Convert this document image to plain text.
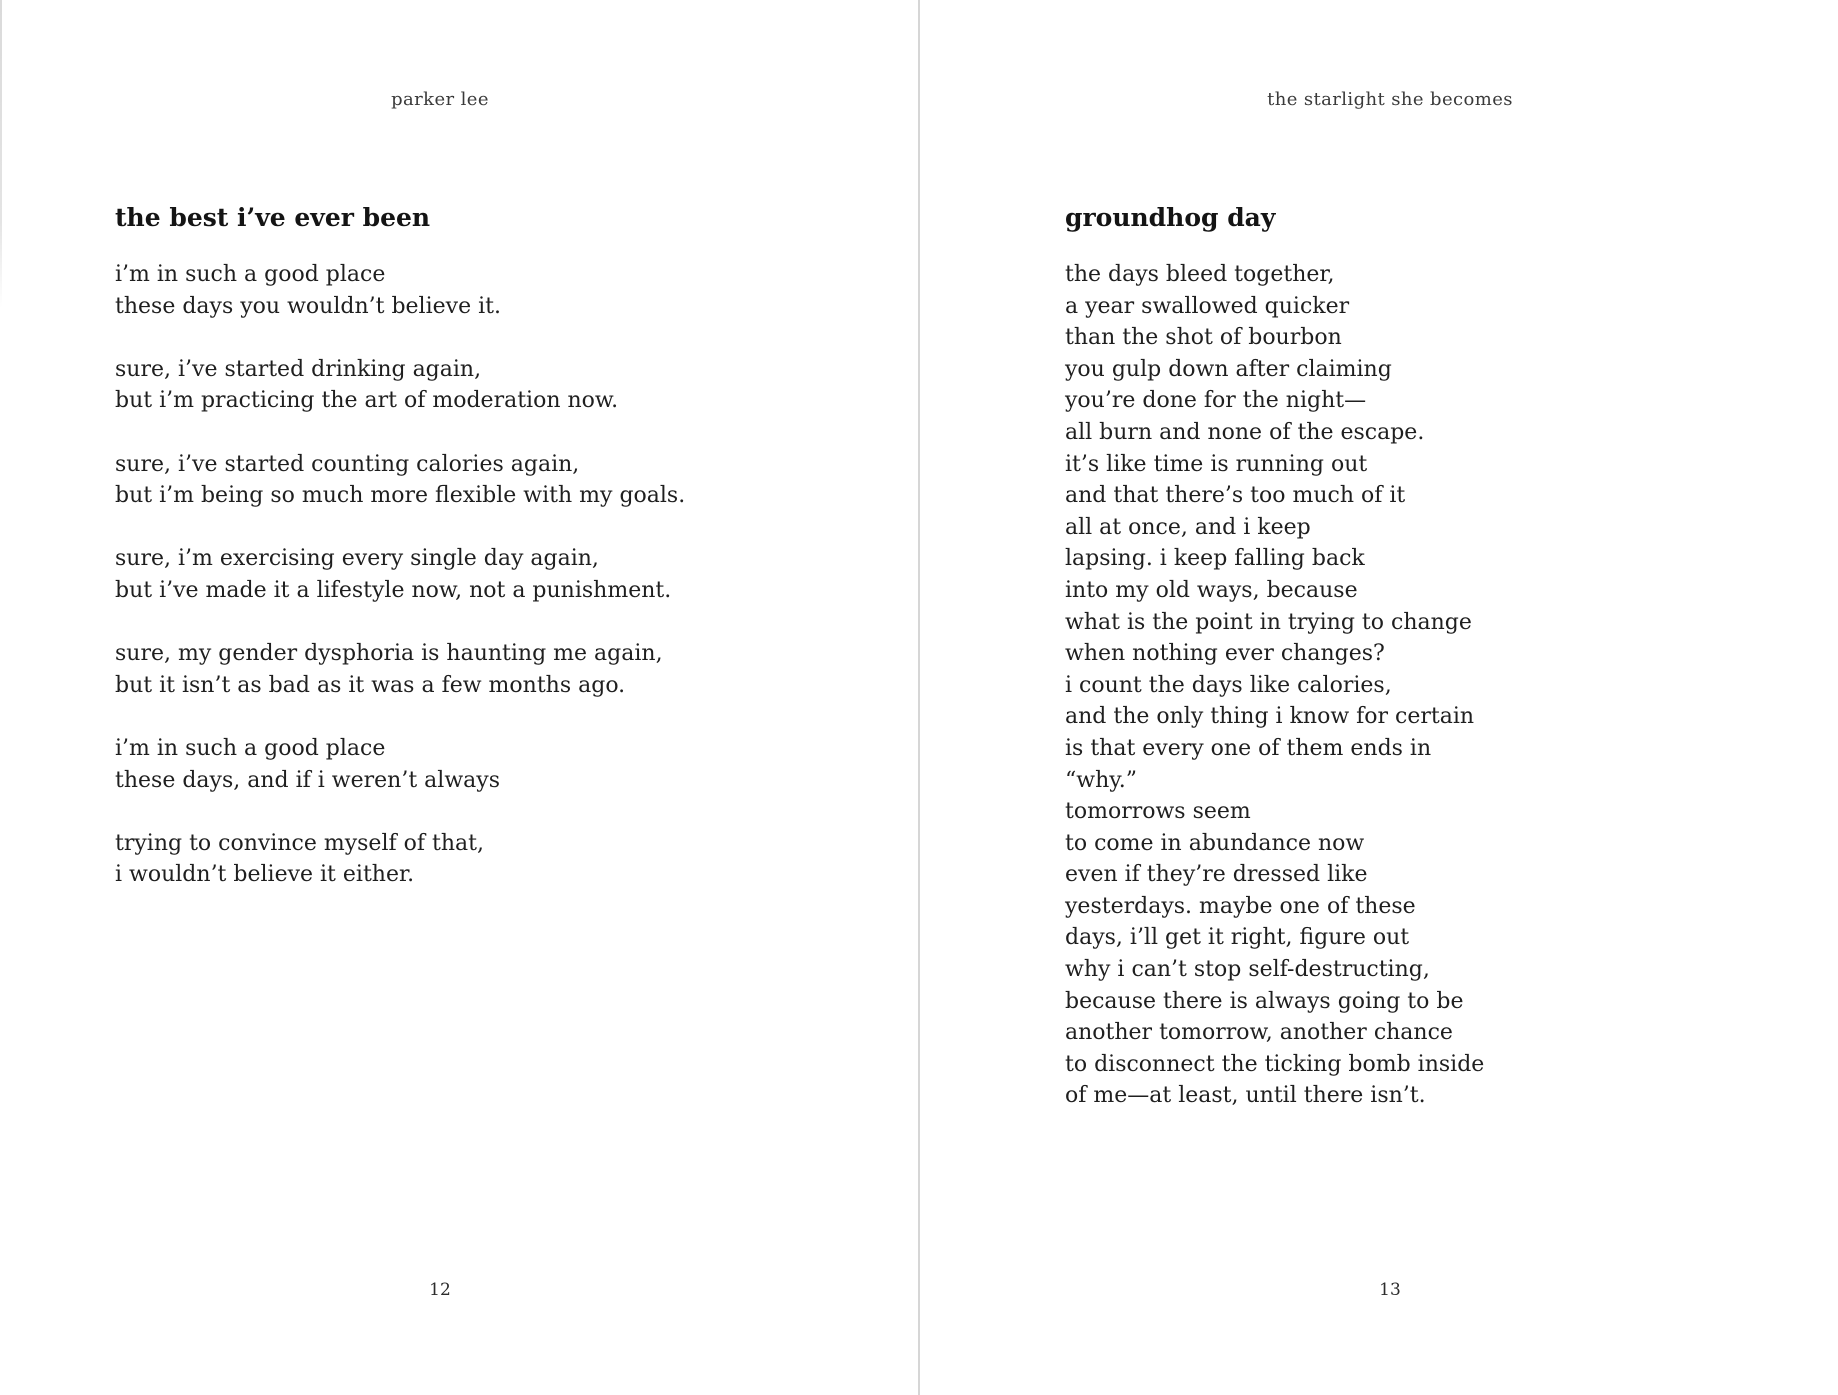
parker lee
the best i’ve ever been

i’m in such a good place
these days you wouldn’t believe it.

sure, i’ve started drinking again,
but i’m practicing the art of moderation now.

sure, i’ve started counting calories again,
but i’m being so much more flexible with my goals.

sure, i’m exercising every single day again,
but i’ve made it a lifestyle now, not a punishment.

sure, my gender dysphoria is haunting me again,
but it isn’t as bad as it was a few months ago.

i’m in such a good place
these days, and if i weren’t always

trying to convince myself of that,
i wouldn’t believe it either.

12
the starlight she becomes
groundhog day

the days bleed together,
a year swallowed quicker
than the shot of bourbon
you gulp down after claiming
you’re done for the night—
all burn and none of the escape.
it’s like time is running out
and that there’s too much of it
all at once, and i keep
lapsing. i keep falling back
into my old ways, because
what is the point in trying to change
when nothing ever changes?
i count the days like calories,
and the only thing i know for certain
is that every one of them ends in
“why.”
tomorrows seem
to come in abundance now
even if they’re dressed like
yesterdays. maybe one of these
days, i’ll get it right, figure out
why i can’t stop self-destructing,
because there is always going to be
another tomorrow, another chance
to disconnect the ticking bomb inside
of me—at least, until there isn’t.

13
